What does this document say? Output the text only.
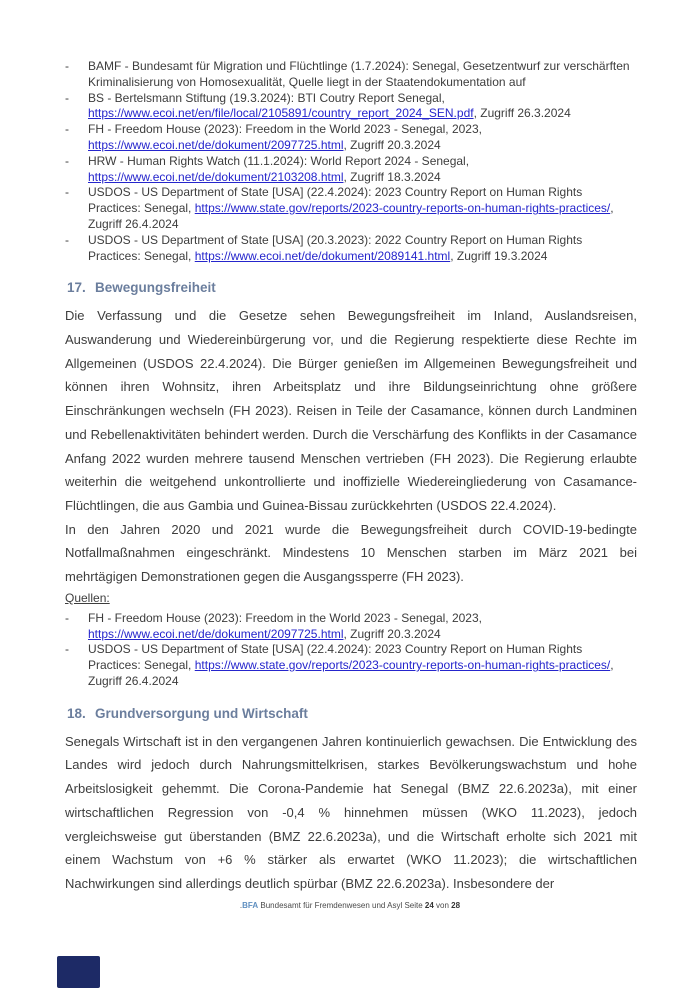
-	BAMF - Bundesamt für Migration und Flüchtlinge (1.7.2024): Senegal, Gesetzentwurf zur verschärften Kriminalisierung von Homosexualität, Quelle liegt in der Staatendokumentation auf
-	BS - Bertelsmann Stiftung (19.3.2024): BTI Coutry Report Senegal, https://www.ecoi.net/en/file/local/2105891/country_report_2024_SEN.pdf, Zugriff 26.3.2024
-	FH - Freedom House (2023): Freedom in the World 2023 - Senegal, 2023, https://www.ecoi.net/de/dokument/2097725.html, Zugriff 20.3.2024
-	HRW - Human Rights Watch (11.1.2024): World Report 2024 - Senegal, https://www.ecoi.net/de/dokument/2103208.html, Zugriff 18.3.2024
-	USDOS - US Department of State [USA] (22.4.2024): 2023 Country Report on Human Rights Practices: Senegal, https://www.state.gov/reports/2023-country-reports-on-human-rights-practices/, Zugriff 26.4.2024
-	USDOS - US Department of State [USA] (20.3.2023): 2022 Country Report on Human Rights Practices: Senegal, https://www.ecoi.net/de/dokument/2089141.html, Zugriff 19.3.2024
17. Bewegungsfreiheit
Die Verfassung und die Gesetze sehen Bewegungsfreiheit im Inland, Auslandsreisen,
Auswanderung und Wiedereinbürgerung vor, und die Regierung respektierte diese Rechte im
Allgemeinen (USDOS 22.4.2024). Die Bürger genießen im Allgemeinen Bewegungsfreiheit und
können ihren Wohnsitz, ihren Arbeitsplatz und ihre Bildungseinrichtung ohne größere
Einschränkungen wechseln (FH 2023). Reisen in Teile der Casamance, können durch Landminen
und Rebellenaktivitäten behindert werden. Durch die Verschärfung des Konflikts in der Casamance
Anfang 2022 wurden mehrere tausend Menschen vertrieben (FH 2023). Die Regierung erlaubte
weiterhin die weitgehend unkontrollierte und inoffizielle Wiedereingliederung von Casamance-
Flüchtlingen, die aus Gambia und Guinea-Bissau zurückkehrten (USDOS 22.4.2024).
In den Jahren 2020 und 2021 wurde die Bewegungsfreiheit durch COVID-19-bedingte
Notfallmaßnahmen eingeschränkt. Mindestens 10 Menschen starben im März 2021 bei
mehrtägigen Demonstrationen gegen die Ausgangssperre (FH 2023).
Quellen:
-	FH - Freedom House (2023): Freedom in the World 2023 - Senegal, 2023, https://www.ecoi.net/de/dokument/2097725.html, Zugriff 20.3.2024
-	USDOS - US Department of State [USA] (22.4.2024): 2023 Country Report on Human Rights Practices: Senegal, https://www.state.gov/reports/2023-country-reports-on-human-rights-practices/, Zugriff 26.4.2024
18. Grundversorgung und Wirtschaft
Senegals Wirtschaft ist in den vergangenen Jahren kontinuierlich gewachsen. Die Entwicklung des
Landes wird jedoch durch Nahrungsmittelkrisen, starkes Bevölkerungswachstum und hohe
Arbeitslosigkeit gehemmt. Die Corona-Pandemie hat Senegal (BMZ 22.6.2023a), mit einer
wirtschaftlichen Regression von -0,4 % hinnehmen müssen (WKO 11.2023), jedoch
vergleichsweise gut überstanden (BMZ 22.6.2023a), und die Wirtschaft erholte sich 2021 mit
einem Wachstum von +6 % stärker als erwartet (WKO 11.2023); die wirtschaftlichen
Nachwirkungen sind allerdings deutlich spürbar (BMZ 22.6.2023a). Insbesondere der
.BFA Bundesamt für Fremdenwesen und Asyl Seite 24 von 28
